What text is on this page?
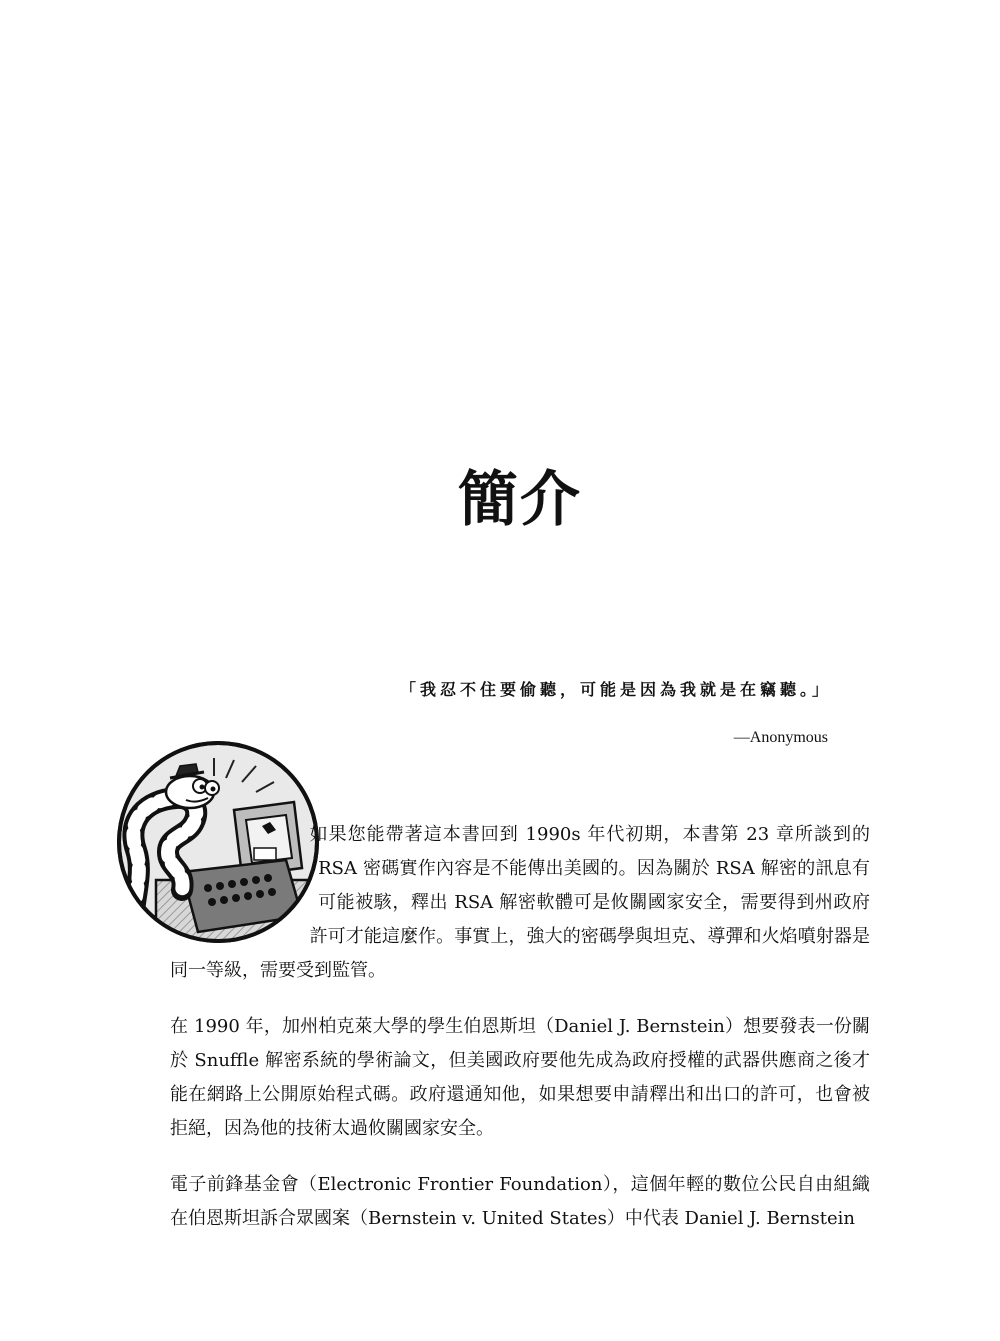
簡介

「我忍不住要偷聽，可能是因為我就是在竊聽。」

—Anonymous

如果您能帶著這本書回到 1990s 年代初期，本書第 23 章所談到的 RSA 密碼實作內容是不能傳出美國的。因為關於 RSA 解密的訊息有可能被駭，釋出 RSA 解密軟體可是攸關國家安全，需要得到州政府許可才能這麼作。事實上，強大的密碼學與坦克、導彈和火焰噴射器是同一等級，需要受到監管。

在 1990 年，加州柏克萊大學的學生伯恩斯坦（Daniel J. Bernstein）想要發表一份關於 Snuffle 解密系統的學術論文，但美國政府要他先成為政府授權的武器供應商之後才能在網路上公開原始程式碼。政府還通知他，如果想要申請釋出和出口的許可，也會被拒絕，因為他的技術太過攸關國家安全。

電子前鋒基金會（Electronic Frontier Foundation），這個年輕的數位公民自由組織在伯恩斯坦訴合眾國案（Bernstein v. United States）中代表 Daniel J. Bernstein
